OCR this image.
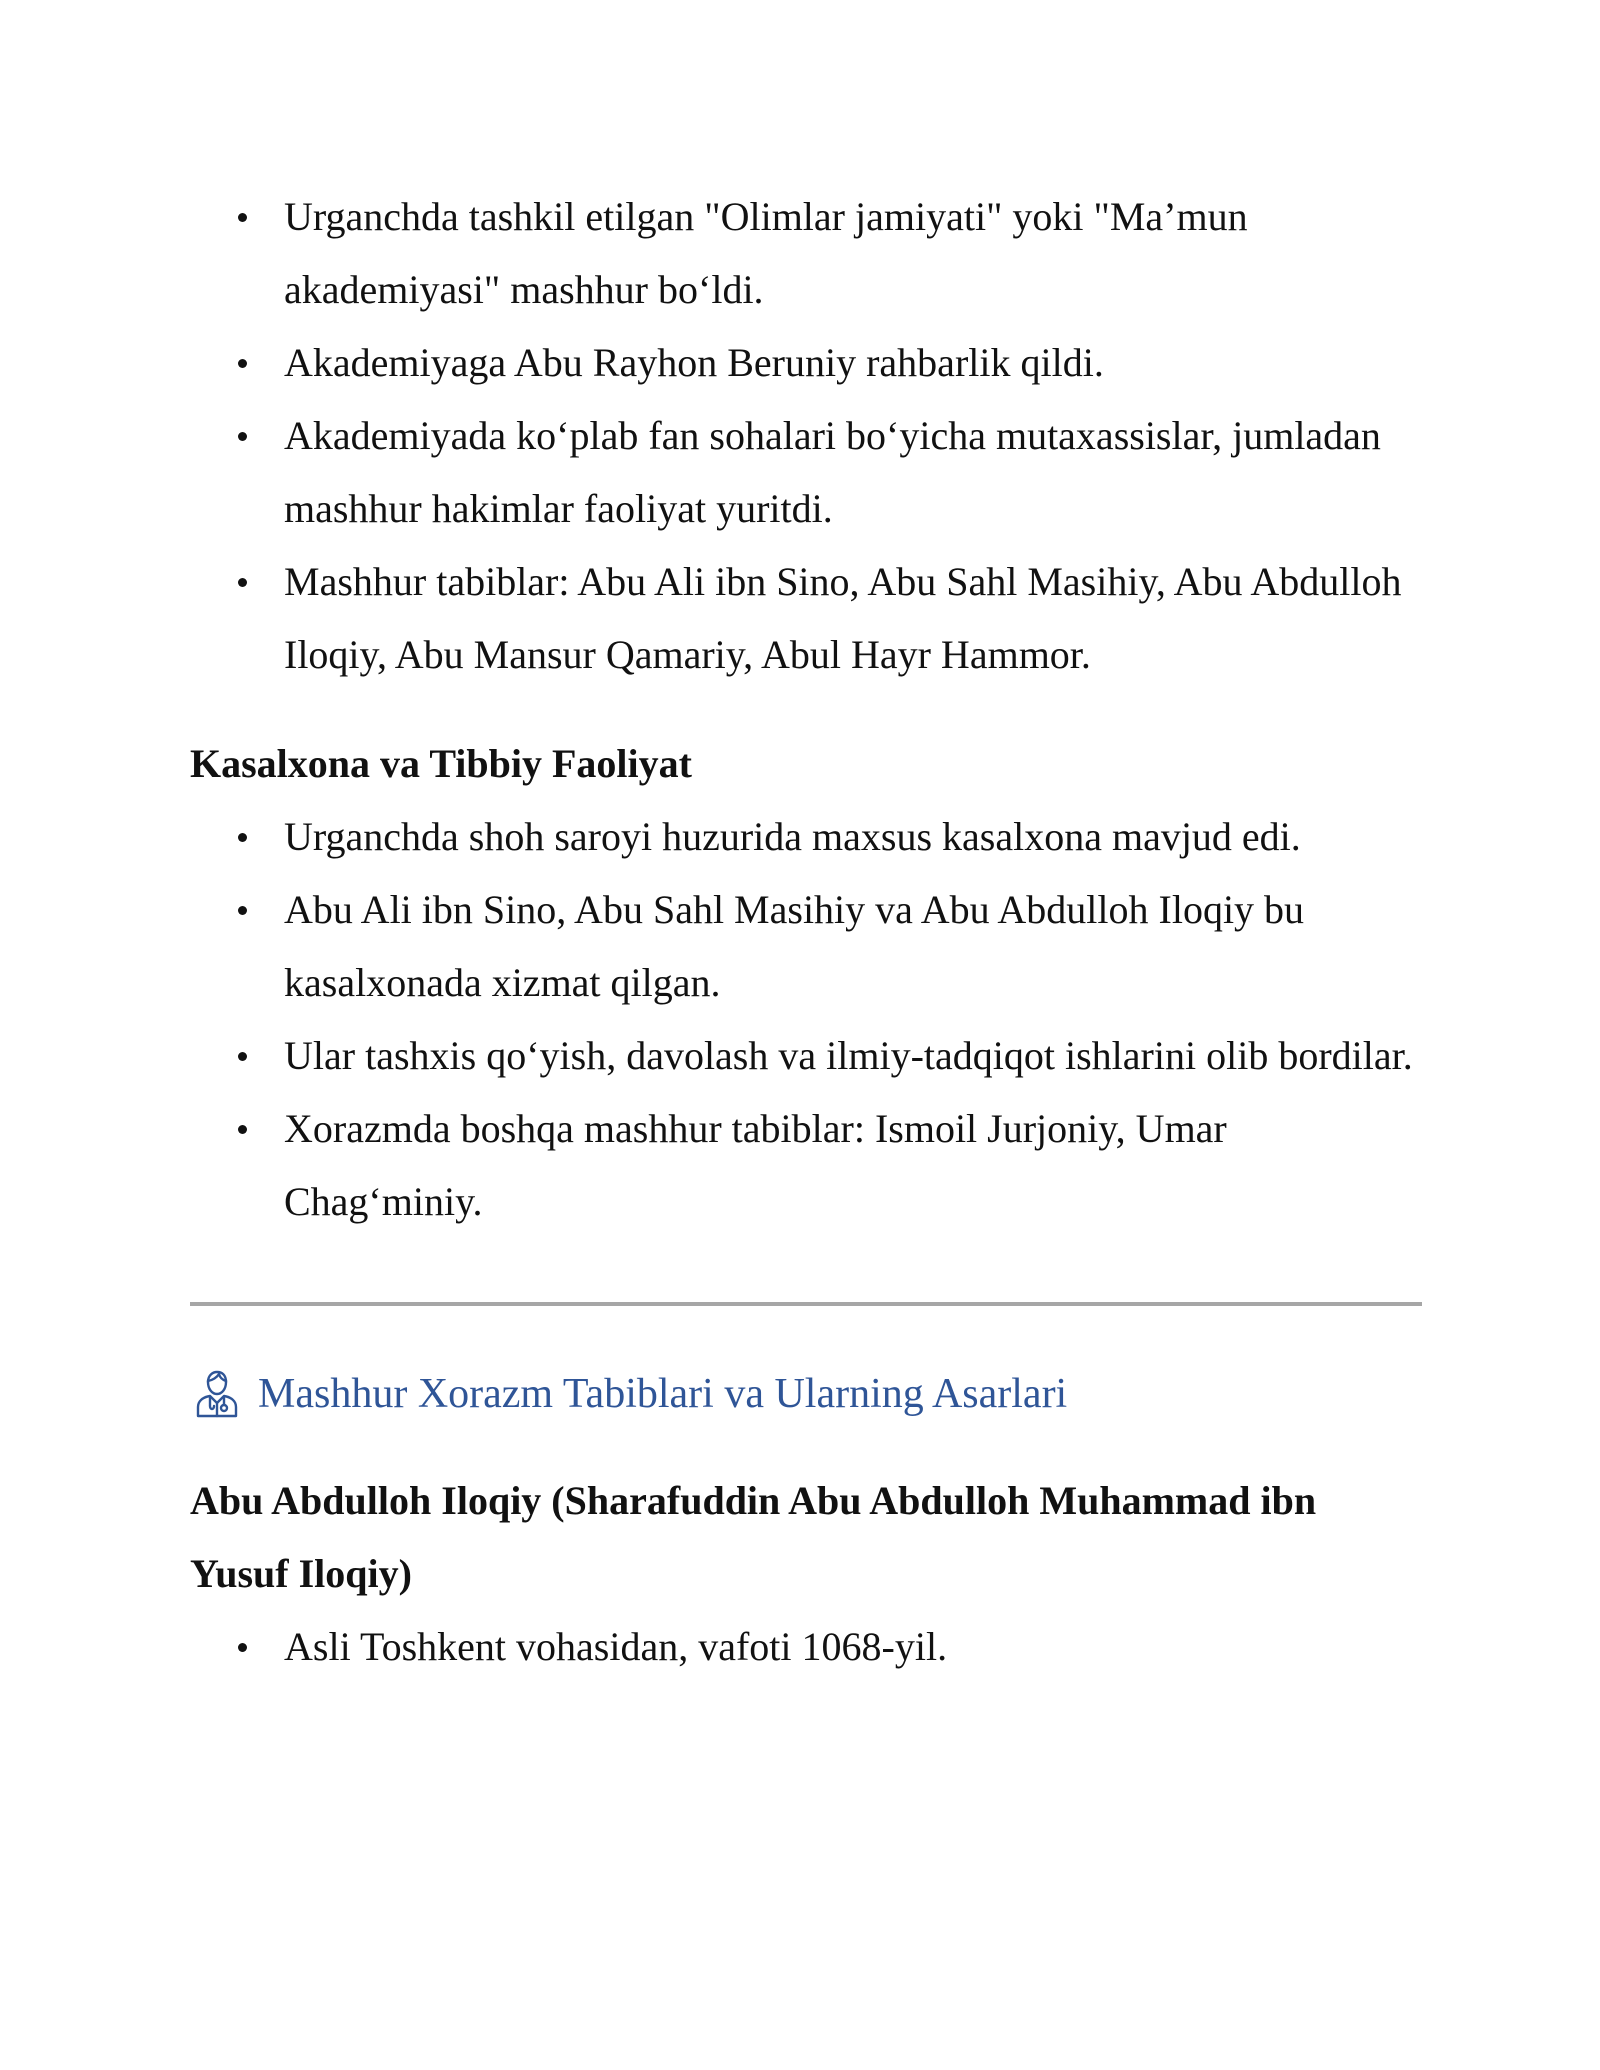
Urganchda tashkil etilgan "Olimlar jamiyati" yoki "Ma’mun akademiyasi" mashhur bo‘ldi.
Akademiyaga Abu Rayhon Beruniy rahbarlik qildi.
Akademiyada ko‘plab fan sohalari bo‘yicha mutaxassislar, jumladan mashhur hakimlar faoliyat yuritdi.
Mashhur tabiblar: Abu Ali ibn Sino, Abu Sahl Masihiy, Abu Abdulloh Iloqiy, Abu Mansur Qamariy, Abul Hayr Hammor.
Kasalxona va Tibbiy Faoliyat
Urganchda shoh saroyi huzurida maxsus kasalxona mavjud edi.
Abu Ali ibn Sino, Abu Sahl Masihiy va Abu Abdulloh Iloqiy bu kasalxonada xizmat qilgan.
Ular tashxis qo‘yish, davolash va ilmiy-tadqiqot ishlarini olib bordilar.
Xorazmda boshqa mashhur tabiblar: Ismoil Jurjoniy, Umar Chag‘miniy.
Mashhur Xorazm Tabiblari va Ularning Asarlari
Abu Abdulloh Iloqiy (Sharafuddin Abu Abdulloh Muhammad ibn Yusuf Iloqiy)
Asli Toshkent vohasidan, vafoti 1068-yil.
